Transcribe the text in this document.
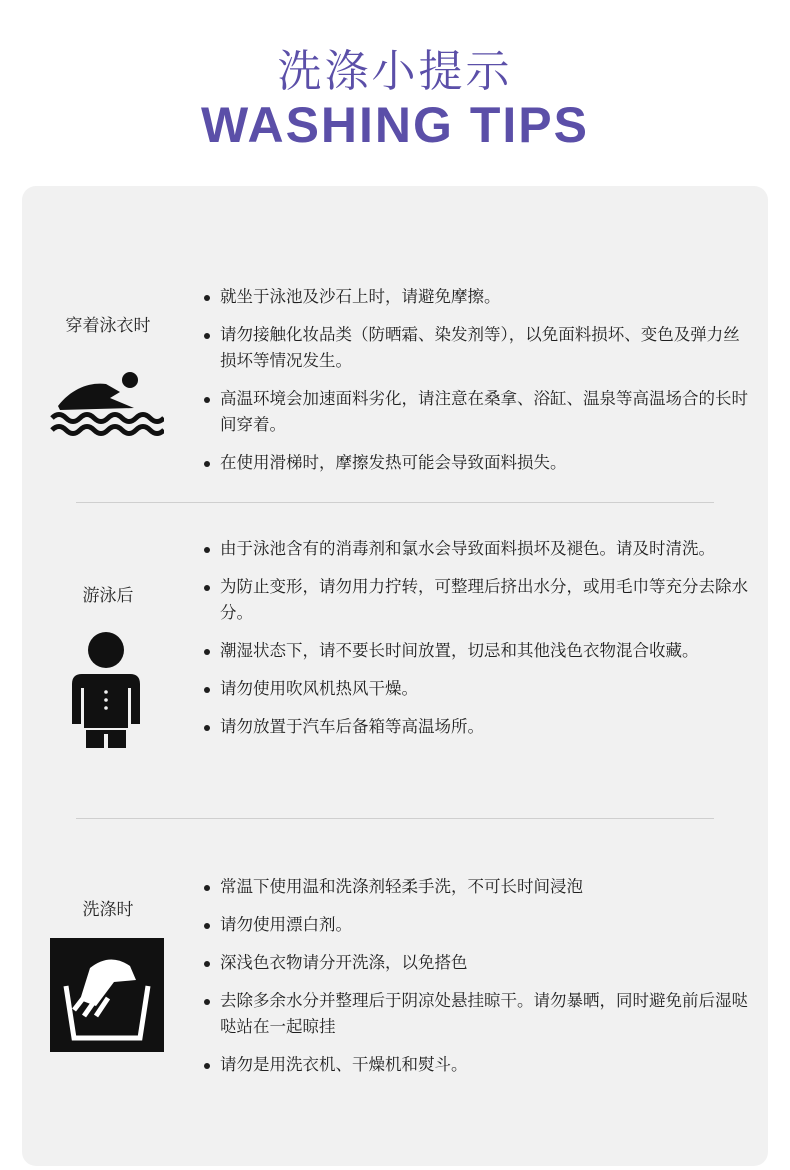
洗涤小提示
WASHING TIPS
穿着泳衣时
就坐于泳池及沙石上时，请避免摩擦。
请勿接触化妆品类（防晒霜、染发剂等），以免面料损坏、变色及弹力丝损坏等情况发生。
高温环境会加速面料劣化，请注意在桑拿、浴缸、温泉等高温场合的长时间穿着。
在使用滑梯时，摩擦发热可能会导致面料损失。
游泳后
由于泳池含有的消毒剂和氯水会导致面料损坏及褪色。请及时清洗。
为防止变形，请勿用力拧转，可整理后挤出水分，或用毛巾等充分去除水分。
潮湿状态下，请不要长时间放置，切忌和其他浅色衣物混合收藏。
请勿使用吹风机热风干燥。
请勿放置于汽车后备箱等高温场所。
洗涤时
常温下使用温和洗涤剂轻柔手洗，不可长时间浸泡
请勿使用漂白剂。
深浅色衣物请分开洗涤，以免搭色
去除多余水分并整理后于阴凉处悬挂晾干。请勿暴晒，同时避免前后湿哒哒站在一起晾挂
请勿是用洗衣机、干燥机和熨斗。
